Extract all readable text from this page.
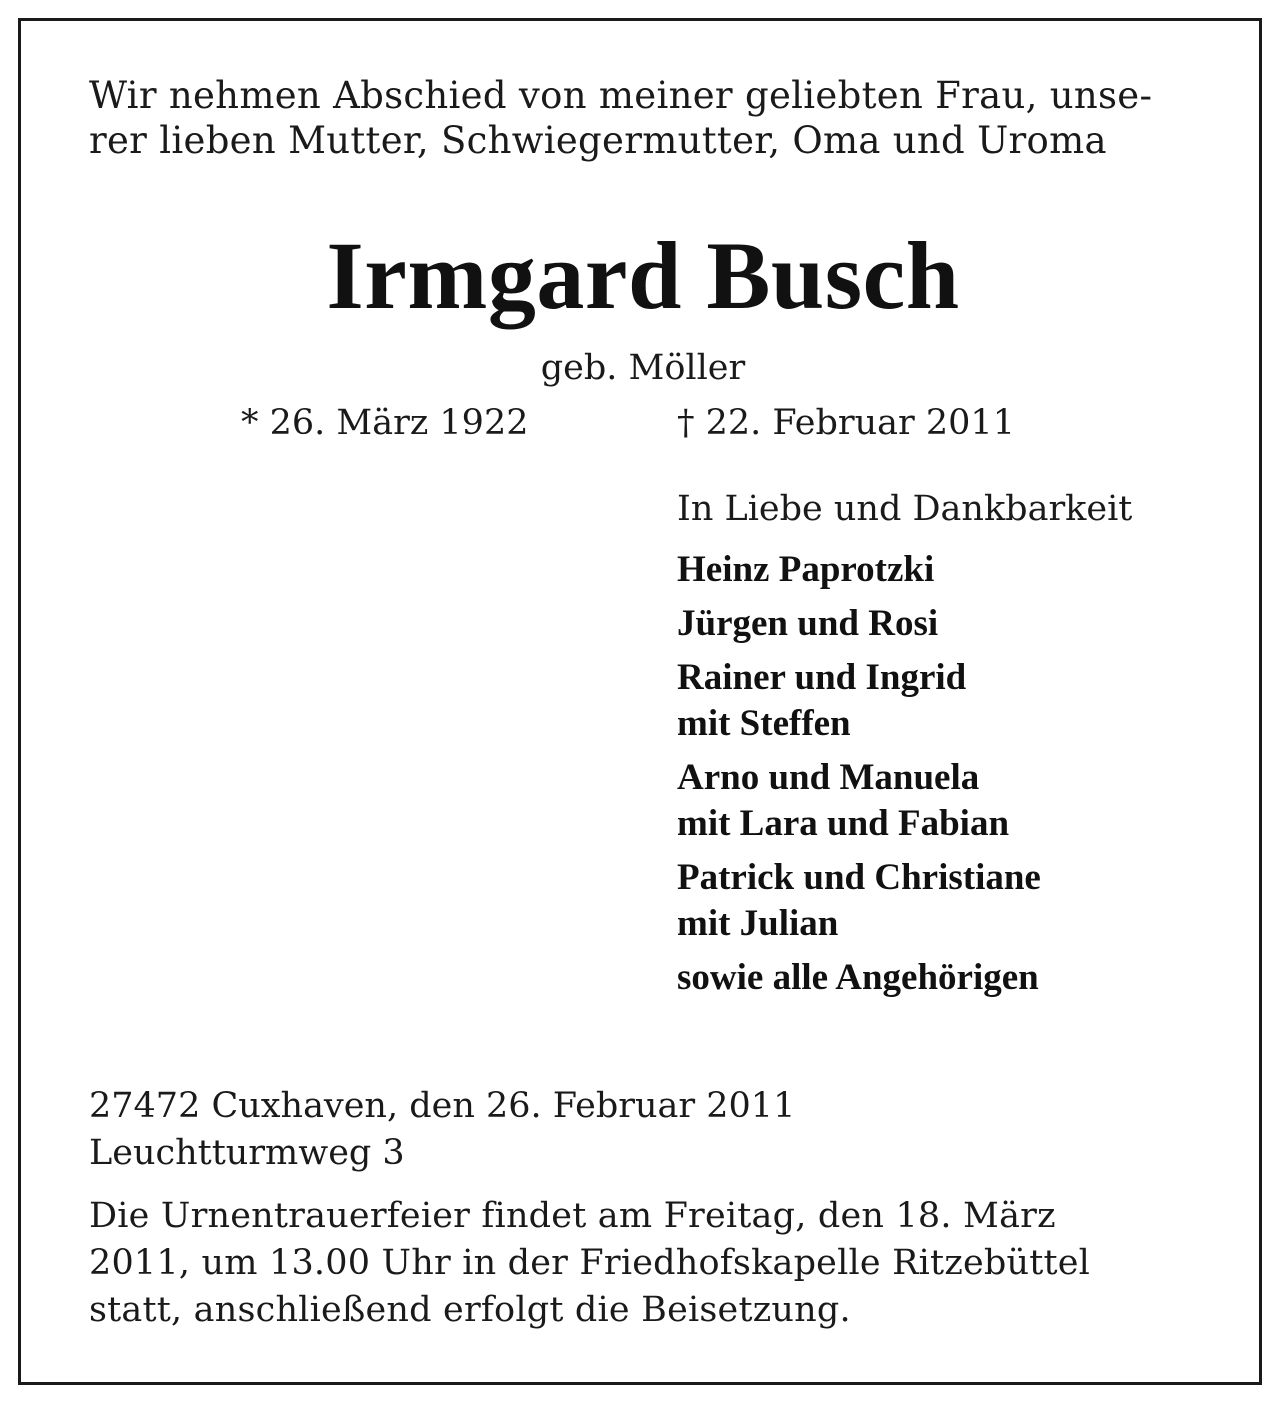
Wir nehmen Abschied von meiner geliebten Frau, unse-
rer lieben Mutter, Schwiegermutter, Oma und Uroma
Irmgard Busch
geb. Möller
* 26. März 1922	† 22. Februar 2011
In Liebe und Dankbarkeit
Heinz Paprotzki
Jürgen und Rosi
Rainer und Ingrid
mit Steffen
Arno und Manuela
mit Lara und Fabian
Patrick und Christiane
mit Julian
sowie alle Angehörigen
27472 Cuxhaven, den 26. Februar 2011
Leuchtturmweg 3
Die Urnentrauerfeier findet am Freitag, den 18. März
2011, um 13.00 Uhr in der Friedhofskapelle Ritzebüttel
statt, anschließend erfolgt die Beisetzung.
